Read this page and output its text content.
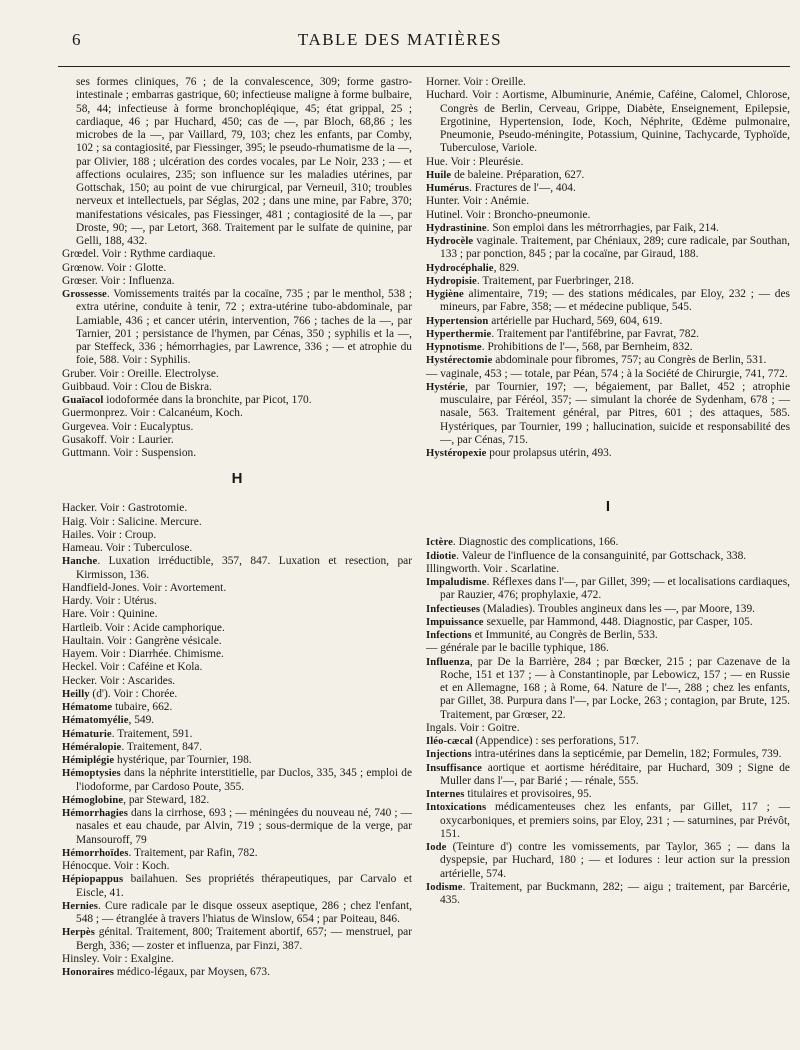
6	TABLE DES MATIÈRES

ses formes cliniques, 76 ; de la convalescence, 309; forme gastro-intestinale ; embarras gastrique, 60; infectieuse maligne à forme bulbaire, 58, 44; infectieuse à forme bronchopléqique, 45; état grippal, 25 ; cardiaque, 46 ; par Huchard, 450; cas de —, par Bloch, 68,86 ; les microbes de la —, par Vaillard, 79, 103; chez les enfants, par Comby, 102 ; sa contagiosité, par Fiessinger, 395; le pseudo-rhumatisme de la —, par Olivier, 188 ; ulcération des cordes vocales, par Le Noir, 233 ; — et affections oculaires, 235; son influence sur les maladies utérines, par Gottschak, 150; au point de vue chirurgical, par Verneuil, 310; troubles nerveux et intellectuels, par Séglas, 202 ; dans une mine, par Fabre, 370; manifestations vésicales, pas Fiessinger, 481 ; contagiosité de la —, par Droste, 90; —, par Letort, 368. Traitement par le sulfate de quinine, par Gelli, 188, 432.

Grœdel. Voir : Rythme cardiaque.

Grœnow. Voir : Glotte.

Grœser. Voir : Influenza.

Grossesse. Vomissements traités par la cocaïne, 735 ; par le menthol, 538 ; extra utérine, conduite à tenir, 72 ; extra-utérine tubo-abdominale, par Lamiable, 436 ; et cancer utérin, intervention, 766 ; taches de la —, par Tarnier, 201 ; persistance de l'hymen, par Cénas, 350 ; syphilis et la —, par Steffeck, 336 ; hémorrhagies, par Lawrence, 336 ; — et atrophie du foie, 588. Voir : Syphilis.

Gruber. Voir : Oreille. Electrolyse.

Guibbaud. Voir : Clou de Biskra.

Guaïacol iodoformée dans la bronchite, par Picot, 170.

Guermonprez. Voir : Calcanéum, Koch.

Gurgevea. Voir : Eucalyptus.

Gusakoff. Voir : Laurier.

Guttmann. Voir : Suspension.

H

Hacker. Voir : Gastrotomie.

Haig. Voir : Salicine. Mercure.

Hailes. Voir : Croup.

Hameau. Voir : Tuberculose.

Hanche. Luxation irréductible, 357, 847. Luxation et resection, par Kirmisson, 136.

Handfield-Jones. Voir : Avortement.

Hardy. Voir : Utérus.

Hare. Voir : Quinine.

Hartleib. Voir : Acide camphorique.

Haultain. Voir : Gangrène vésicale.

Hayem. Voir : Diarrhée. Chimisme.

Heckel. Voir : Caféine et Kola.

Hecker. Voir : Ascarides.

Heilly (d'). Voir : Chorée.

Hématome tubaire, 662.

Hématomyélie, 549.

Hématurie. Traitement, 591.

Héméralopie. Traitement, 847.

Hémiplégie hystérique, par Tournier, 198.

Hémoptysies dans la néphrite interstitielle, par Duclos, 335, 345 ; emploi de l'iodoforme, par Cardoso Poute, 355.

Hémoglobine, par Steward, 182.

Hémorrhagies dans la cirrhose, 693 ; — méningées du nouveau né, 740 ; — nasales et eau chaude, par Alvin, 719 ; sous-dermique de la verge, par Mansouroff, 79

Hémorrhoïdes. Traitement, par Rafin, 782.

Hénocque. Voir : Koch.

Hépiopappus bailahuen. Ses propriétés thérapeutiques, par Carvalo et Eiscle, 41.

Hernies. Cure radicale par le disque osseux aseptique, 286 ; chez l'enfant, 548 ; — étranglée à travers l'hiatus de Winslow, 654 ; par Poiteau, 846.

Herpès génital. Traitement, 800; Traitement abortif, 657; — menstruel, par Bergh, 336; — zoster et influenza, par Finzi, 387.

Hinsley. Voir : Exalgine.

Honoraires médico-légaux, par Moysen, 673.

Horner. Voir : Oreille.

Huchard. Voir : Aortisme, Albuminurie, Anémie, Caféine, Calomel, Chlorose, Congrès de Berlin, Cerveau, Grippe, Diabète, Enseignement, Epilepsie, Ergotinine, Hypertension, Iode, Koch, Néphrite, Œdème pulmonaire, Pneumonie, Pseudo-méningite, Potassium, Quinine, Tachycarde, Typhoïde, Tuberculose, Variole.

Hue. Voir : Pleurésie.

Huile de baleine. Préparation, 627.

Humérus. Fractures de l'—, 404.

Hunter. Voir : Anémie.

Hutinel. Voir : Broncho-pneumonie.

Hydrastinine. Son emploi dans les métrorrhagies, par Faik, 214.

Hydrocèle vaginale. Traitement, par Chéniaux, 289; cure radicale, par Southan, 133 ; par ponction, 845 ; par la cocaïne, par Giraud, 188.

Hydrocéphalie, 829.

Hydropisie. Traitement, par Fuerbringer, 218.

Hygiène alimentaire, 719; — des stations médicales, par Eloy, 232 ; — des mineurs, par Fabre, 358; — et médecine publique, 545.

Hypertension artérielle par Huchard, 569, 604, 619.

Hyperthermie. Traitement par l'antifébrine, par Favrat, 782.

Hypnotisme. Prohibitions de l'—, 568, par Bernheim, 832.

Hystérectomie abdominale pour fibromes, 757; au Congrès de Berlin, 531.

— vaginale, 453 ; — totale, par Péan, 574 ; à la Société de Chirurgie, 741, 772.

Hystérie, par Tournier, 197; —, bégaiement, par Ballet, 452 ; atrophie musculaire, par Féréol, 357; — simulant la chorée de Sydenham, 678 ; — nasale, 563. Traitement général, par Pitres, 601 ; des attaques, 585. Hystériques, par Tournier, 199 ; hallucination, suicide et responsabilité des —, par Cénas, 715.

Hystéropexie pour prolapsus utérin, 493.

I

Ictère. Diagnostic des complications, 166.

Idiotie. Valeur de l'influence de la consanguinité, par Gottschack, 338.

Illingworth. Voir . Scarlatine.

Impaludisme. Réflexes dans l'—, par Gillet, 399; — et localisations cardiaques, par Rauzier, 476; prophylaxie, 472.

Infectieuses (Maladies). Troubles angineux dans les —, par Moore, 139.

Impuissance sexuelle, par Hammond, 448. Diagnostic, par Casper, 105.

Infections et Immunité, au Congrès de Berlin, 533.

— générale par le bacille typhique, 186.

Influenza, par De la Barrière, 284 ; par Bœcker, 215 ; par Cazenave de la Roche, 151 et 137 ; — à Constantinople, par Lebowicz, 157 ; — en Russie et en Allemagne, 168 ; à Rome, 64. Nature de l'—, 288 ; chez les enfants, par Gillet, 38. Purpura dans l'—, par Locke, 263 ; contagion, par Brute, 125. Traitement, par Grœser, 22.

Ingals. Voir : Goitre.

Iléo-cæcal (Appendice) : ses perforations, 517.

Injections intra-utérines dans la septicémie, par Demelin, 182; Formules, 739.

Insuffisance aortique et aortisme héréditaire, par Huchard, 309 ; Signe de Muller dans l'—, par Barié ; — rénale, 555.

Internes titulaires et provisoires, 95.

Intoxications médicamenteuses chez les enfants, par Gillet, 117 ; — oxycarboniques, et premiers soins, par Eloy, 231 ; — saturnines, par Prévôt, 151.

Iode (Teinture d') contre les vomissements, par Taylor, 365 ; — dans la dyspepsie, par Huchard, 180 ; — et Iodures : leur action sur la pression artérielle, 574.

Iodisme. Traitement, par Buckmann, 282; — aigu ; traitement, par Barcérie, 435.
